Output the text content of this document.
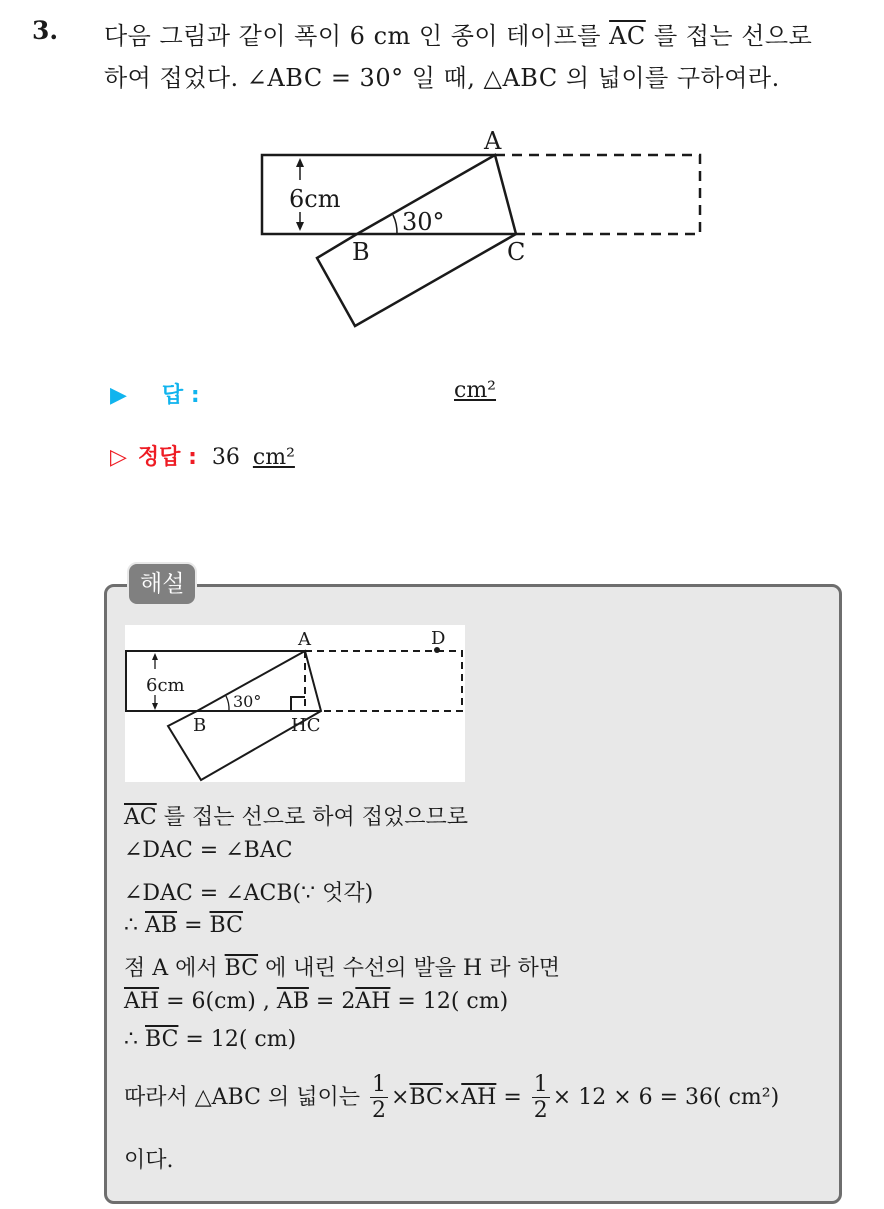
3. 다음 그림과 같이 폭이 6 cm 인 종이 테이프를 $\overline{AC}$ 를 접는 선으로
하여 접었다. ∠ABC = 30° 일 때, △ABC 의 넓이를 구하여라.
A
B	C
6cm
30°
▶ 답 :	cm²
▷ 정답 : 36 cm²
해설
A	D
B	HC
6cm
30°
$\overline{AC}$ 를 접는 선으로 하여 접었으므로
∠DAC = ∠BAC
∠DAC = ∠ACB(∵ 엇각)
∴ $\overline{AB} = \overline{BC}$
점 A 에서 $\overline{BC}$ 에 내린 수선의 발을 H 라 하면
$\overline{AH} = 6(cm)$ , $\overline{AB} = 2\overline{AH} = 12$( cm)
∴ $\overline{BC} = 12$( cm)
따라서 △ABC 의 넓이는 $\frac{1}{2} \times\overline{BC}\times\overline{AH} = \frac{1}{2} \times 12 \times 6 = 36$( cm²)
이다.
